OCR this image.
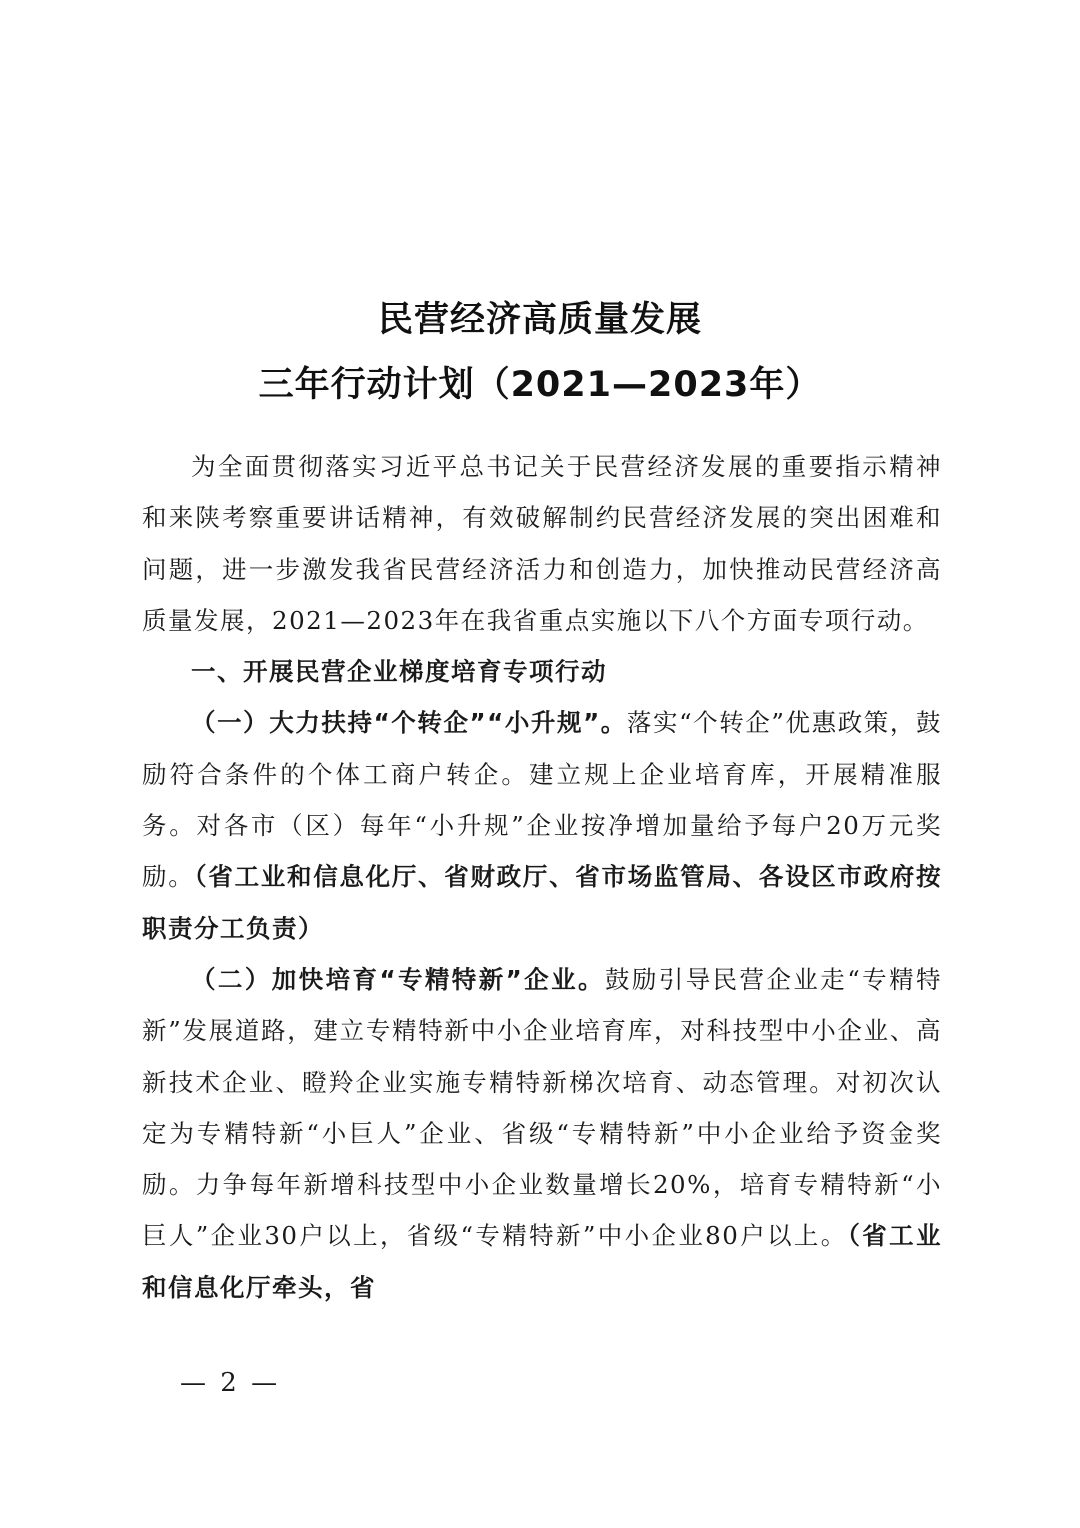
民营经济高质量发展
三年行动计划（2021—2023年）

为全面贯彻落实习近平总书记关于民营经济发展的重要指示精神和来陕考察重要讲话精神，有效破解制约民营经济发展的突出困难和问题，进一步激发我省民营经济活力和创造力，加快推动民营经济高质量发展，2021—2023年在我省重点实施以下八个方面专项行动。

一、开展民营企业梯度培育专项行动

（一）大力扶持“个转企”“小升规”。落实“个转企”优惠政策，鼓励符合条件的个体工商户转企。建立规上企业培育库，开展精准服务。对各市（区）每年“小升规”企业按净增加量给予每户20万元奖励。（省工业和信息化厅、省财政厅、省市场监管局、各设区市政府按职责分工负责）

（二）加快培育“专精特新”企业。鼓励引导民营企业走“专精特新”发展道路，建立专精特新中小企业培育库，对科技型中小企业、高新技术企业、瞪羚企业实施专精特新梯次培育、动态管理。对初次认定为专精特新“小巨人”企业、省级“专精特新”中小企业给予资金奖励。力争每年新增科技型中小企业数量增长20%，培育专精特新“小巨人”企业30户以上，省级“专精特新”中小企业80户以上。（省工业和信息化厅牵头，省

— 2 —
